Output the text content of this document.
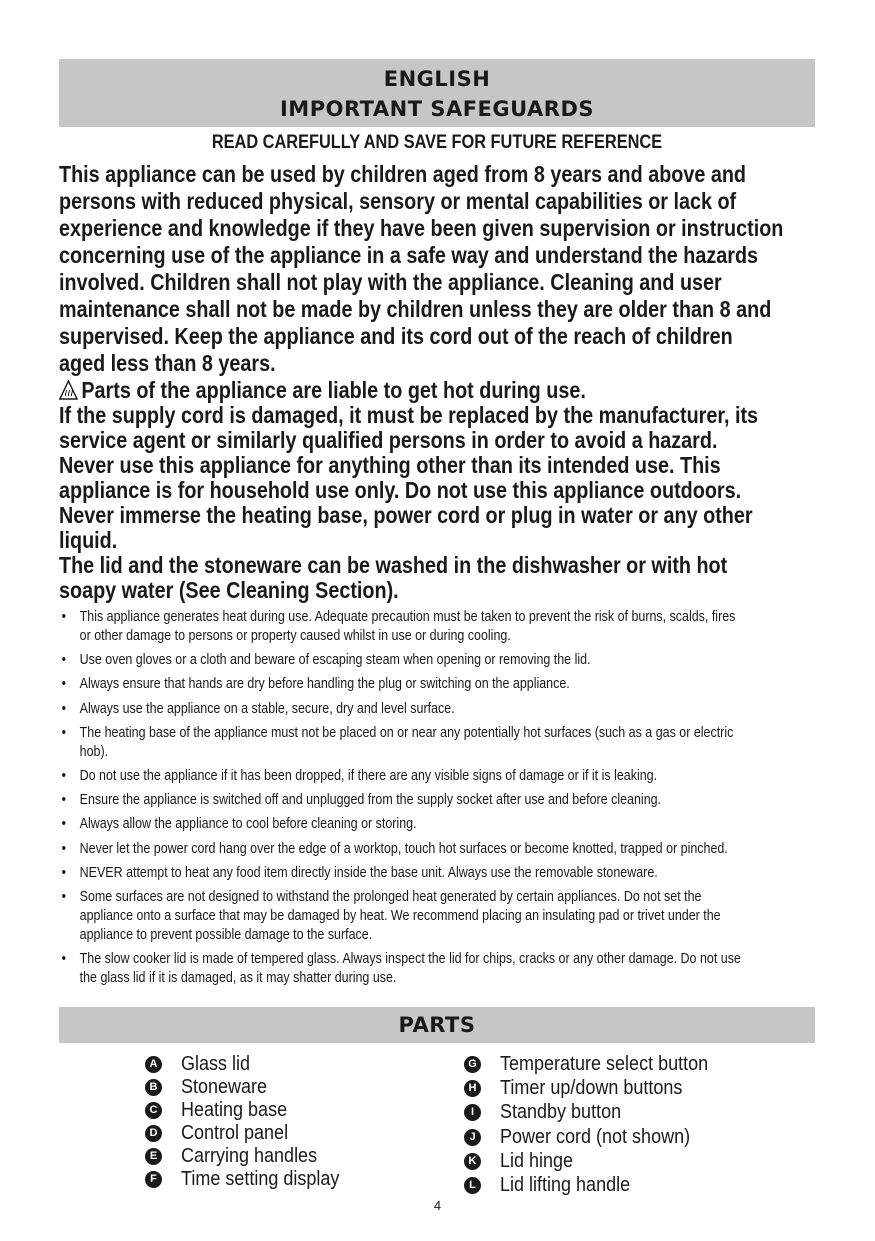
ENGLISH
IMPORTANT SAFEGUARDS
READ CAREFULLY AND SAVE FOR FUTURE REFERENCE
This appliance can be used by children aged from 8 years and above and
persons with reduced physical, sensory or mental capabilities or lack of
experience and knowledge if they have been given supervision or instruction
concerning use of the appliance in a safe way and understand the hazards
involved. Children shall not play with the appliance. Cleaning and user
maintenance shall not be made by children unless they are older than 8 and
supervised. Keep the appliance and its cord out of the reach of children
aged less than 8 years.
Parts of the appliance are liable to get hot during use.
If the supply cord is damaged, it must be replaced by the manufacturer, its
service agent or similarly qualified persons in order to avoid a hazard.
Never use this appliance for anything other than its intended use. This
appliance is for household use only. Do not use this appliance outdoors.
Never immerse the heating base, power cord or plug in water or any other
liquid.
The lid and the stoneware can be washed in the dishwasher or with hot
soapy water (See Cleaning Section).
• This appliance generates heat during use. Adequate precaution must be taken to prevent the risk of burns, scalds, fires
or other damage to persons or property caused whilst in use or during cooling.
• Use oven gloves or a cloth and beware of escaping steam when opening or removing the lid.
• Always ensure that hands are dry before handling the plug or switching on the appliance.
• Always use the appliance on a stable, secure, dry and level surface.
• The heating base of the appliance must not be placed on or near any potentially hot surfaces (such as a gas or electric
hob).
• Do not use the appliance if it has been dropped, if there are any visible signs of damage or if it is leaking.
• Ensure the appliance is switched off and unplugged from the supply socket after use and before cleaning.
• Always allow the appliance to cool before cleaning or storing.
• Never let the power cord hang over the edge of a worktop, touch hot surfaces or become knotted, trapped or pinched.
• NEVER attempt to heat any food item directly inside the base unit. Always use the removable stoneware.
• Some surfaces are not designed to withstand the prolonged heat generated by certain appliances. Do not set the
appliance onto a surface that may be damaged by heat. We recommend placing an insulating pad or trivet under the
appliance to prevent possible damage to the surface.
• The slow cooker lid is made of tempered glass. Always inspect the lid for chips, cracks or any other damage. Do not use
the glass lid if it is damaged, as it may shatter during use.
PARTS
A Glass lid
B Stoneware
C Heating base
D Control panel
E Carrying handles
F Time setting display
G Temperature select button
H Timer up/down buttons
I	Standby button
J Power cord (not shown)
K Lid hinge
L Lid lifting handle
4
